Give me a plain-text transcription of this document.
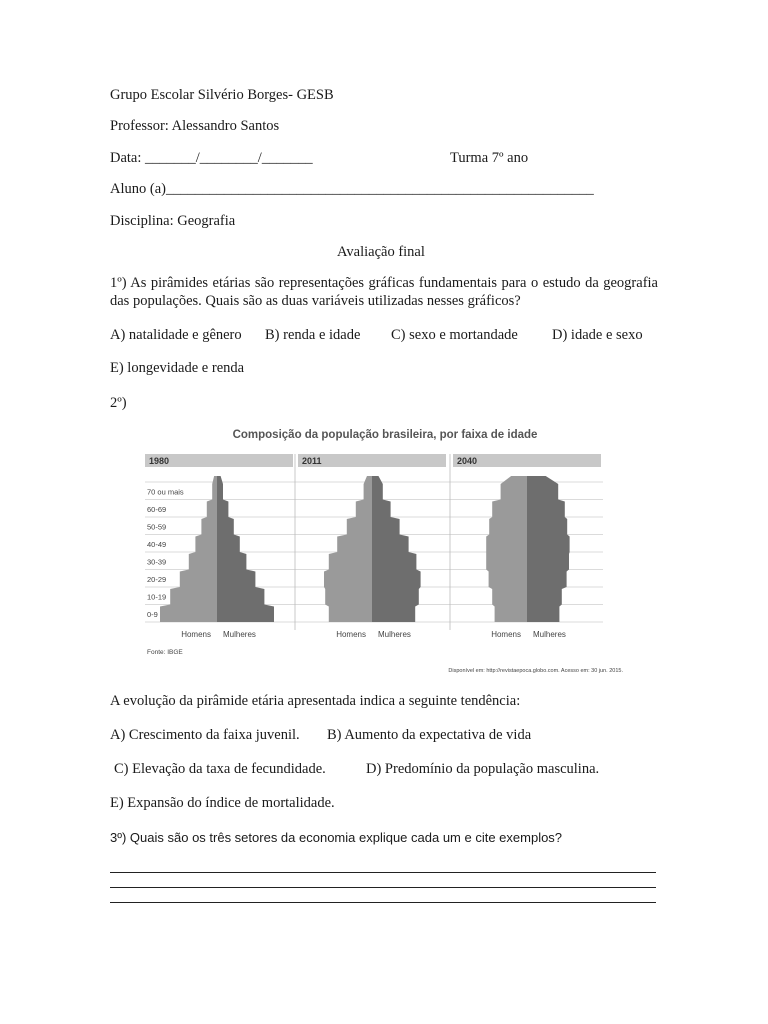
Grupo Escolar Silvério Borges- GESB
Professor: Alessandro Santos
Data: _______/________/_______	Turma 7º ano
Aluno (a)___________________________________________________________
Disciplina: Geografia
Avaliação final
1º) As pirâmides etárias são representações gráficas fundamentais para o estudo da geografia das populações. Quais são as duas variáveis utilizadas nesses gráficos?
A) natalidade e gênero B) renda e idade C) sexo e mortandade D) idade e sexo
E) longevidade e renda
2º)
Composição da população brasileira, por faixa de idade
0-9
10-19
20-29
30-39
40-49
50-59
60-69
70 ou mais
1980
Homens Mulheres
2011
Homens Mulheres
2040
Homens Mulheres
Fonte: IBGE
Disponível em: http://revistaepoca.globo.com. Acesso em: 30 jun. 2015.
A evolução da pirâmide etária apresentada indica a seguinte tendência:
A) Crescimento da faixa juvenil. B) Aumento da expectativa de vida
C) Elevação da taxa de fecundidade.	D) Predomínio da população masculina.
E) Expansão do índice de mortalidade.
3º) Quais são os três setores da economia explique cada um e cite exemplos?
